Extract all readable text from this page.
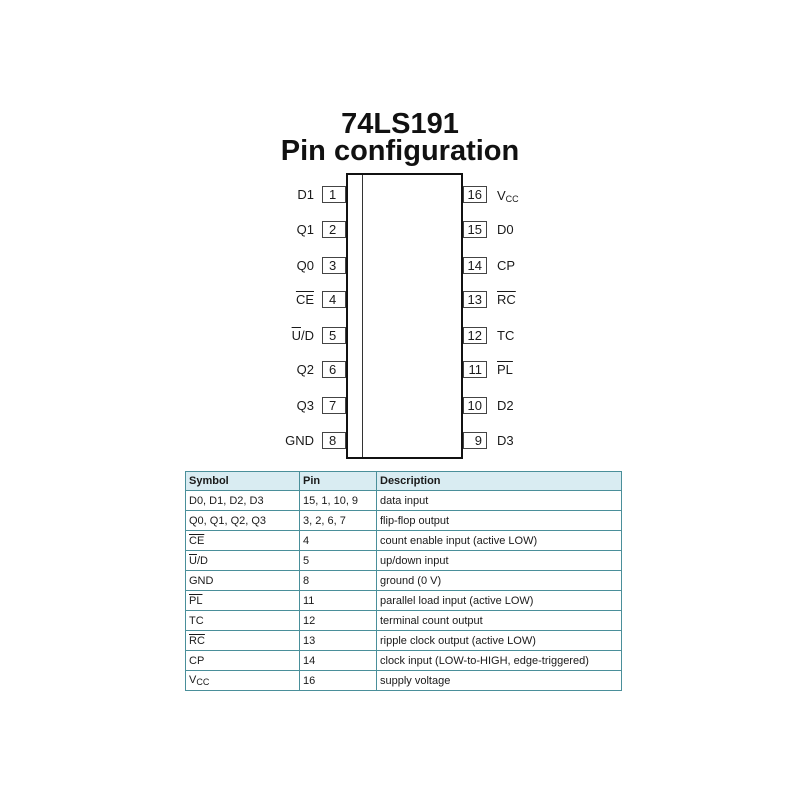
74LS191
Pin configuration
D1	1
Q1	2
Q0	3
$\overline{CE}$	4
$\overline{U}/D$	5
Q2	6
Q3	7
GND	8
16	$V_{CC}$
15	D0
14	CP
13	$\overline{RC}$
12	TC
11	$\overline{PL}$
10	D2
9	D3
Symbol	Pin	Description
D0, D1, D2, D3	15, 1, 10, 9	data input
Q0, Q1, Q2, Q3	3, 2, 6, 7	flip-flop output
$\overline{CE}$	4	count enable input (active LOW)
$\overline{U}/D$	5	up/down input
GND	8	ground (0 V)
$\overline{PL}$	11	parallel load input (active LOW)
TC	12	terminal count output
$\overline{RC}$	13	ripple clock output (active LOW)
CP	14	clock input (LOW-to-HIGH, edge-triggered)
$V_{CC}$	16	supply voltage
